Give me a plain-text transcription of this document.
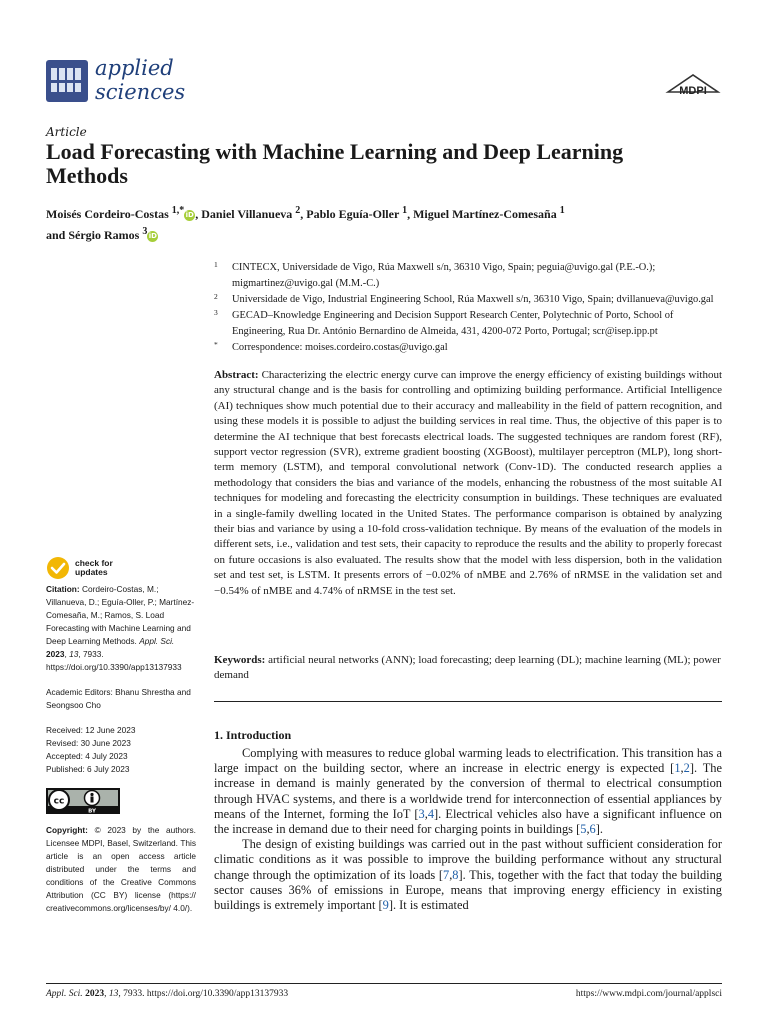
applied
sciences	MDPI
Article
Load Forecasting with Machine Learning and Deep Learning Methods
Moisés Cordeiro-Costas $^{1,*}$iD, Daniel Villanueva $^2$, Pablo Eguía-Oller $^1$, Miguel Martínez-Comesaña $^1$
and Sérgio Ramos $^3$iD
1 CINTECX, Universidade de Vigo, Rúa Maxwell s/n, 36310 Vigo, Spain; peguia@uvigo.gal (P.E.-O.); migmartinez@uvigo.gal (M.M.-C.)
2 Universidade de Vigo, Industrial Engineering School, Rúa Maxwell s/n, 36310 Vigo, Spain; dvillanueva@uvigo.gal
3 GECAD–Knowledge Engineering and Decision Support Research Center, Polytechnic of Porto, School of Engineering, Rua Dr. António Bernardino de Almeida, 431, 4200-072 Porto, Portugal; scr@isep.ipp.pt
* Correspondence: moises.cordeiro.costas@uvigo.gal
Abstract: Characterizing the electric energy curve can improve the energy efficiency of existing buildings without any structural change and is the basis for controlling and optimizing building performance. Artificial Intelligence (AI) techniques show much potential due to their accuracy and malleability in the field of pattern recognition, and using these models it is possible to adjust the building services in real time. Thus, the objective of this paper is to determine the AI technique that best forecasts electrical loads. The suggested techniques are random forest (RF), support vector regression (SVR), extreme gradient boosting (XGBoost), multilayer perceptron (MLP), long short-term memory (LSTM), and temporal convolutional network (Conv-1D). The conducted research applies a methodology that considers the bias and variance of the models, enhancing the robustness of the most suitable AI techniques for modeling and forecasting the electricity consumption in buildings. These techniques are evaluated in a single-family dwelling located in the United States. The performance comparison is obtained by analyzing their bias and variance by using a 10-fold cross-validation technique. By means of the evaluation of the models in different sets, i.e., validation and test sets, their capacity to reproduce the results and the ability to properly forecast on future occasions is also evaluated. The results show that the model with less dispersion, both in the validation set and test set, is LSTM. It presents errors of −0.02% of nMBE and 2.76% of nRMSE in the validation set and −0.54% of nMBE and 4.74% of nRMSE in the test set.
Keywords: artificial neural networks (ANN); load forecasting; deep learning (DL); machine learning (ML); power demand
1. Introduction

Complying with measures to reduce global warming leads to electrification. This transition has a large impact on the building sector, where an increase in electric energy is expected [1,2]. The increase in demand is mainly generated by the conversion of thermal to electrical consumption through HVAC systems, and there is a worldwide trend for interconnection of essential appliances by means of the Internet, forming the IoT [3,4]. Electrical vehicles also have a significant influence on the increase in demand due to their need for charging points in buildings [5,6].

The design of existing buildings was carried out in the past without sufficient consideration for climatic conditions as it was possible to improve the building performance without any structural change through the optimization of its loads [7,8]. This, together with the fact that today the building sector causes 36% of emissions in Europe, means that improving energy efficiency in existing buildings is extremely important [9]. It is estimated

check for
updates
Citation: Cordeiro-Costas, M.; Villanueva, D.; Eguía-Oller, P.; Martínez-Comesaña, M.; Ramos, S. Load Forecasting with Machine Learning and Deep Learning Methods. Appl. Sci. 2023, 13, 7933. https://doi.org/10.3390/app13137933
Academic Editors: Bhanu Shrestha and Seongsoo Cho
Received: 12 June 2023
Revised: 30 June 2023
Accepted: 4 July 2023
Published: 6 July 2023
cc
BY
Copyright: © 2023 by the authors. Licensee MDPI, Basel, Switzerland. This article is an open access article distributed under the terms and conditions of the Creative Commons Attribution (CC BY) license (https:// creativecommons.org/licenses/by/ 4.0/).
Appl. Sci. 2023, 13, 7933. https://doi.org/10.3390/app13137933	https://www.mdpi.com/journal/applsci
